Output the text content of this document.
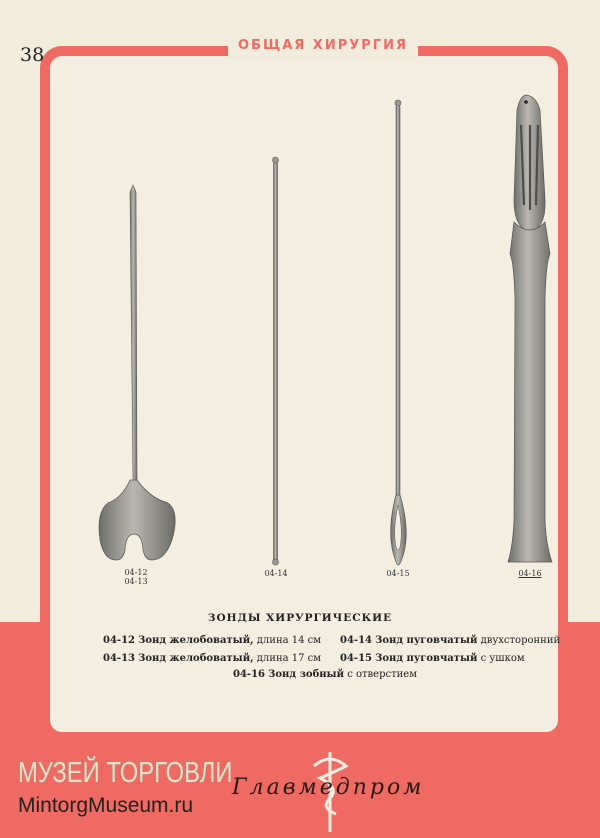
38	ОБЩАЯ ХИРУРГИЯ
04-12
04-13
04-14	04-15	04-16
ЗОНДЫ ХИРУРГИЧЕСКИЕ
04-12 Зонд желобоватый, длина 14 см
04-13 Зонд желобоватый, длина 17 см
04-14 Зонд пуговчатый двухсторонний
04-15 Зонд пуговчатый с ушком
04-16 Зонд зобный с отверстием
МУЗЕЙ ТОРГОВЛИ
MintorgMuseum.ru
Главмедпром
